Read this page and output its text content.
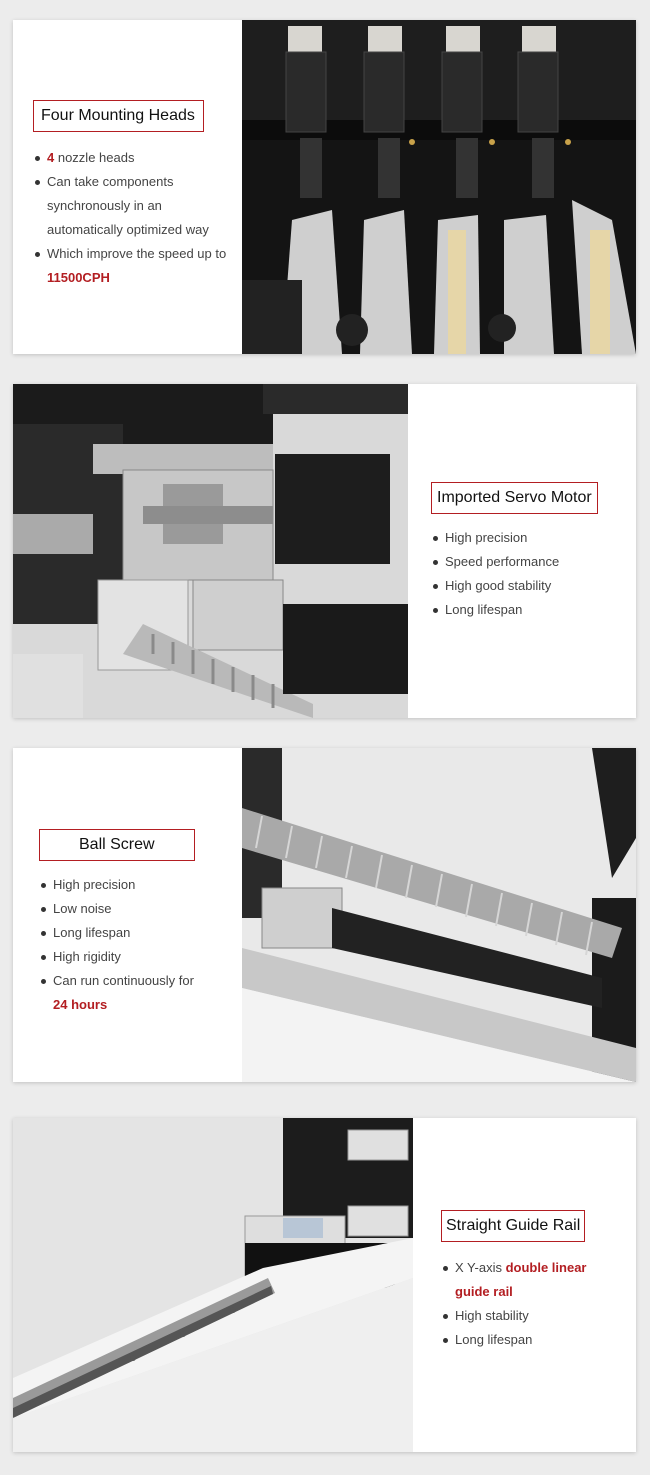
Four Mounting Heads
4 nozzle heads
Can take components synchronously in an automatically optimized way
Which improve the speed up to 11500CPH
Imported Servo Motor
High precision
Speed performance
High good stability
Long lifespan
Ball Screw
High precision
Low noise
Long lifespan
High rigidity
Can run continuously for 24 hours
Straight Guide Rail
X Y-axis double linear guide rail
High stability
Long lifespan
